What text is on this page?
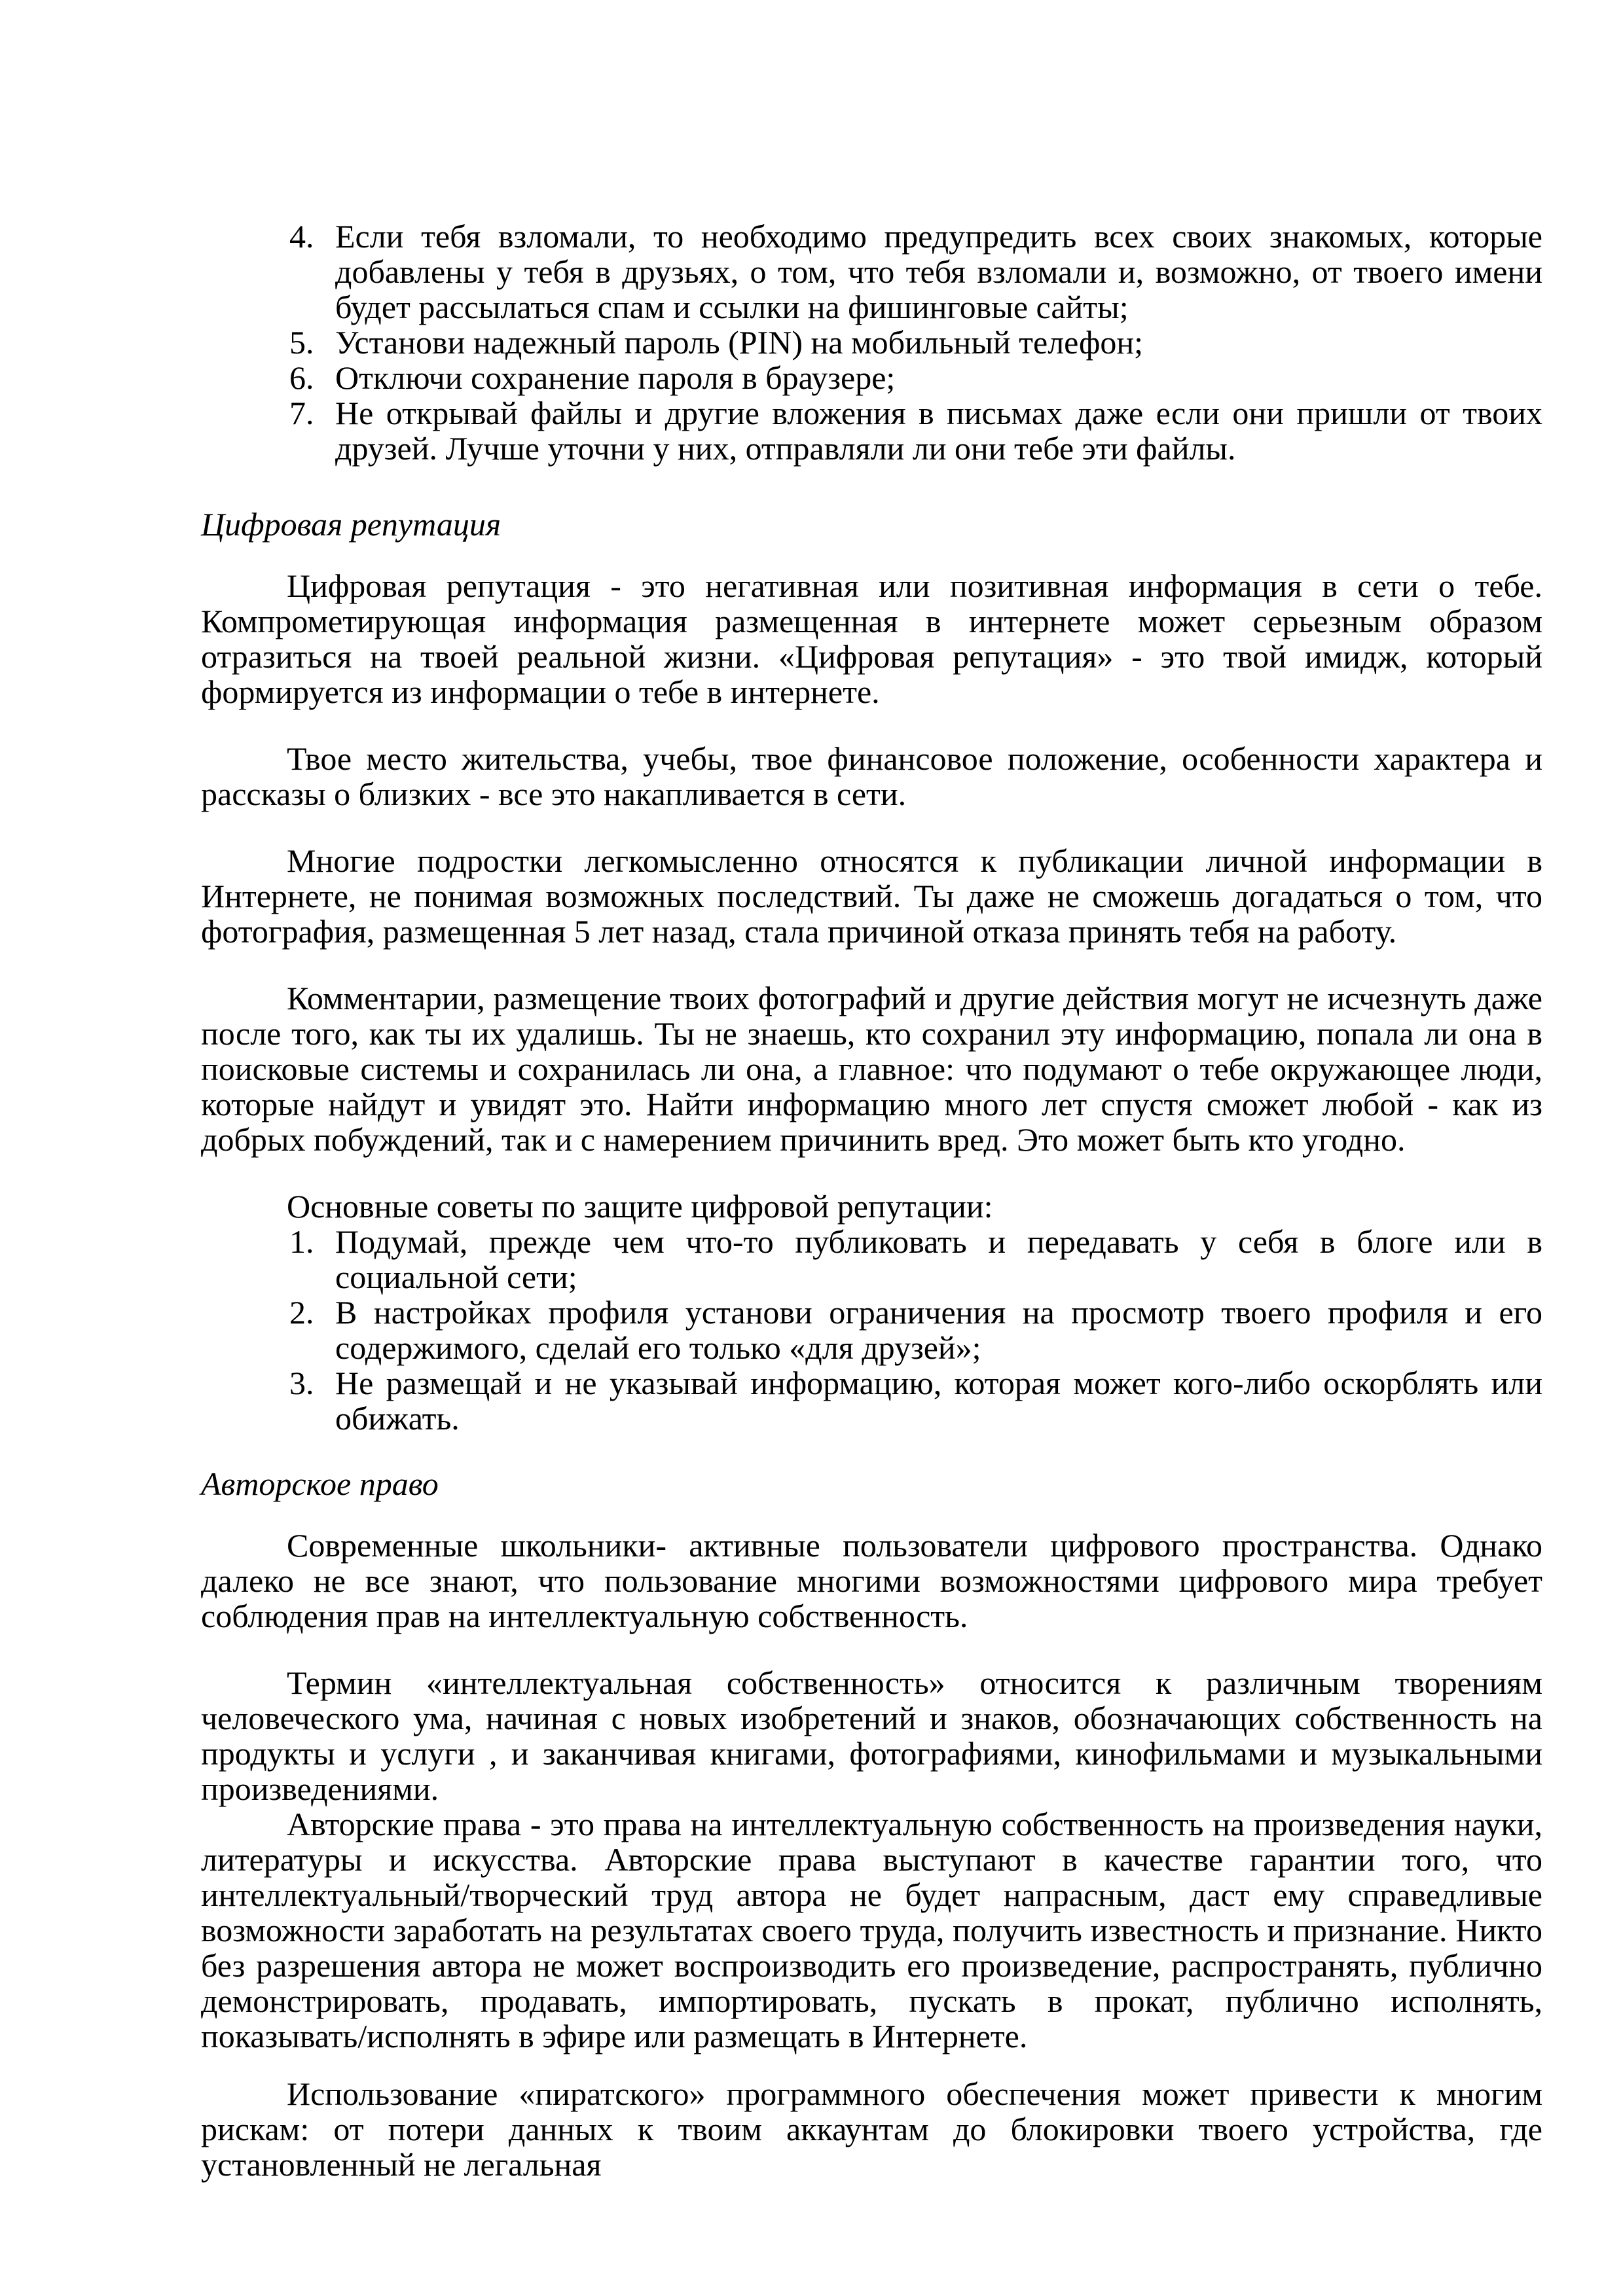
4. Если тебя взломали, то необходимо предупредить всех своих знакомых, которые добавлены у тебя в друзьях, о том, что тебя взломали и, возможно, от твоего имени будет рассылаться спам и ссылки на фишинговые сайты;
5. Установи надежный пароль (PIN) на мобильный телефон;
6. Отключи сохранение пароля в браузере;
7. Не открывай файлы и другие вложения в письмах даже если они пришли от твоих друзей. Лучше уточни у них, отправляли ли они тебе эти файлы.
Цифровая репутация

Цифровая репутация - это негативная или позитивная информация в сети о тебе. Компрометирующая информация размещенная в интернете может серьезным образом отразиться на твоей реальной жизни. «Цифровая репутация» - это твой имидж, который формируется из информации о тебе в интернете.

Твое место жительства, учебы, твое финансовое положение, особенности характера и рассказы о близких - все это накапливается в сети.

Многие подростки легкомысленно относятся к публикации личной информации в Интернете, не понимая возможных последствий. Ты даже не сможешь догадаться о том, что фотография, размещенная 5 лет назад, стала причиной отказа принять тебя на работу.

Комментарии, размещение твоих фотографий и другие действия могут не исчезнуть даже после того, как ты их удалишь. Ты не знаешь, кто сохранил эту информацию, попала ли она в поисковые системы и сохранилась ли она, а главное: что подумают о тебе окружающее люди, которые найдут и увидят это. Найти информацию много лет спустя сможет любой - как из добрых побуждений, так и с намерением причинить вред. Это может быть кто угодно.

Основные советы по защите цифровой репутации:

1. Подумай, прежде чем что-то публиковать и передавать у себя в блоге или в социальной сети;
2. В настройках профиля установи ограничения на просмотр твоего профиля и его содержимого, сделай его только «для друзей»;
3. Не размещай и не указывай информацию, которая может кого-либо оскорблять или обижать.
Авторское право

Современные школьники- активные пользователи цифрового пространства. Однако далеко не все знают, что пользование многими возможностями цифрового мира требует соблюдения прав на интеллектуальную собственность.

Термин «интеллектуальная собственность» относится к различным творениям человеческого ума, начиная с новых изобретений и знаков, обозначающих собственность на продукты и услуги , и заканчивая книгами, фотографиями, кинофильмами и музыкальными произведениями.

Авторские права - это права на интеллектуальную собственность на произведения науки, литературы и искусства. Авторские права выступают в качестве гарантии того, что интеллектуальный/творческий труд автора не будет напрасным, даст ему справедливые возможности заработать на результатах своего труда, получить известность и признание. Никто без разрешения автора не может воспроизводить его произведение, распространять, публично демонстрировать, продавать, импортировать, пускать в прокат, публично исполнять, показывать/исполнять в эфире или размещать в Интернете.

Использование «пиратского» программного обеспечения может привести к многим рискам: от потери данных к твоим аккаунтам до блокировки твоего устройства, где установленный не легальная
